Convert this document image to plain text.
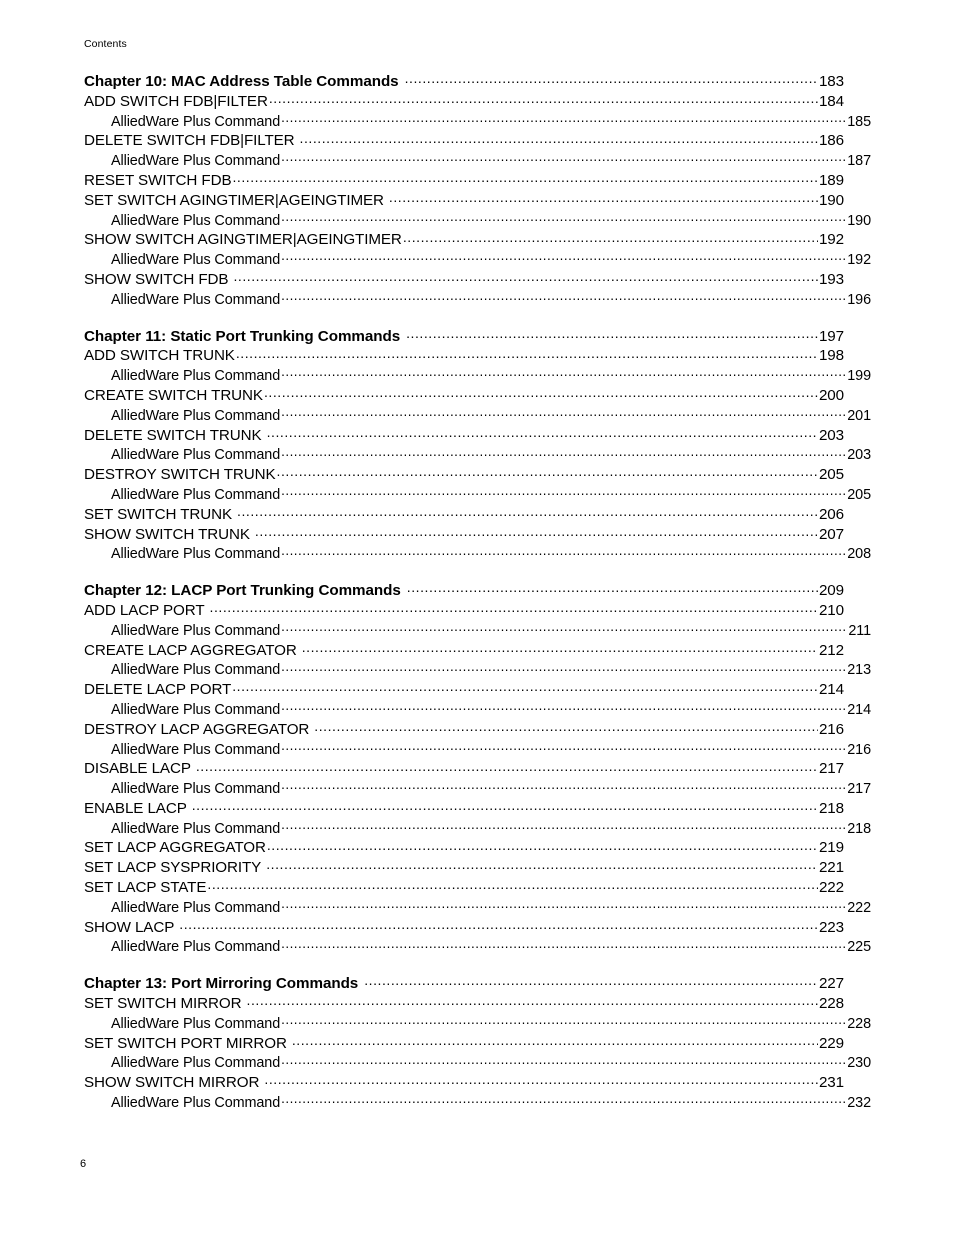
Contents
Chapter 10: MAC Address Table Commands .....	183
ADD SWITCH FDB|FILTER .....	184
AlliedWare Plus Command .....	185
DELETE SWITCH FDB|FILTER .....	186
AlliedWare Plus Command .....	187
RESET SWITCH FDB .....	189
SET SWITCH AGINGTIMER|AGEINGTIMER .....	190
AlliedWare Plus Command .....	190
SHOW SWITCH AGINGTIMER|AGEINGTIMER .....	192
AlliedWare Plus Command .....	192
SHOW SWITCH FDB .....	193
AlliedWare Plus Command .....	196
Chapter 11: Static Port Trunking Commands .....	197
ADD SWITCH TRUNK .....	198
AlliedWare Plus Command .....	199
CREATE SWITCH TRUNK .....	200
AlliedWare Plus Command .....	201
DELETE SWITCH TRUNK .....	203
AlliedWare Plus Command .....	203
DESTROY SWITCH TRUNK .....	205
AlliedWare Plus Command .....	205
SET SWITCH TRUNK .....	206
SHOW SWITCH TRUNK .....	207
AlliedWare Plus Command .....	208
Chapter 12: LACP Port Trunking Commands .....	209
ADD LACP PORT .....	210
AlliedWare Plus Command .....	211
CREATE LACP AGGREGATOR .....	212
AlliedWare Plus Command .....	213
DELETE LACP PORT .....	214
AlliedWare Plus Command .....	214
DESTROY LACP AGGREGATOR .....	216
AlliedWare Plus Command .....	216
DISABLE LACP .....	217
AlliedWare Plus Command .....	217
ENABLE LACP .....	218
AlliedWare Plus Command .....	218
SET LACP AGGREGATOR .....	219
SET LACP SYSPRIORITY .....	221
SET LACP STATE .....	222
AlliedWare Plus Command .....	222
SHOW LACP .....	223
AlliedWare Plus Command .....	225
Chapter 13: Port Mirroring Commands .....	227
SET SWITCH MIRROR .....	228
AlliedWare Plus Command .....	228
SET SWITCH PORT MIRROR .....	229
AlliedWare Plus Command .....	230
SHOW SWITCH MIRROR .....	231
AlliedWare Plus Command .....	232
6
